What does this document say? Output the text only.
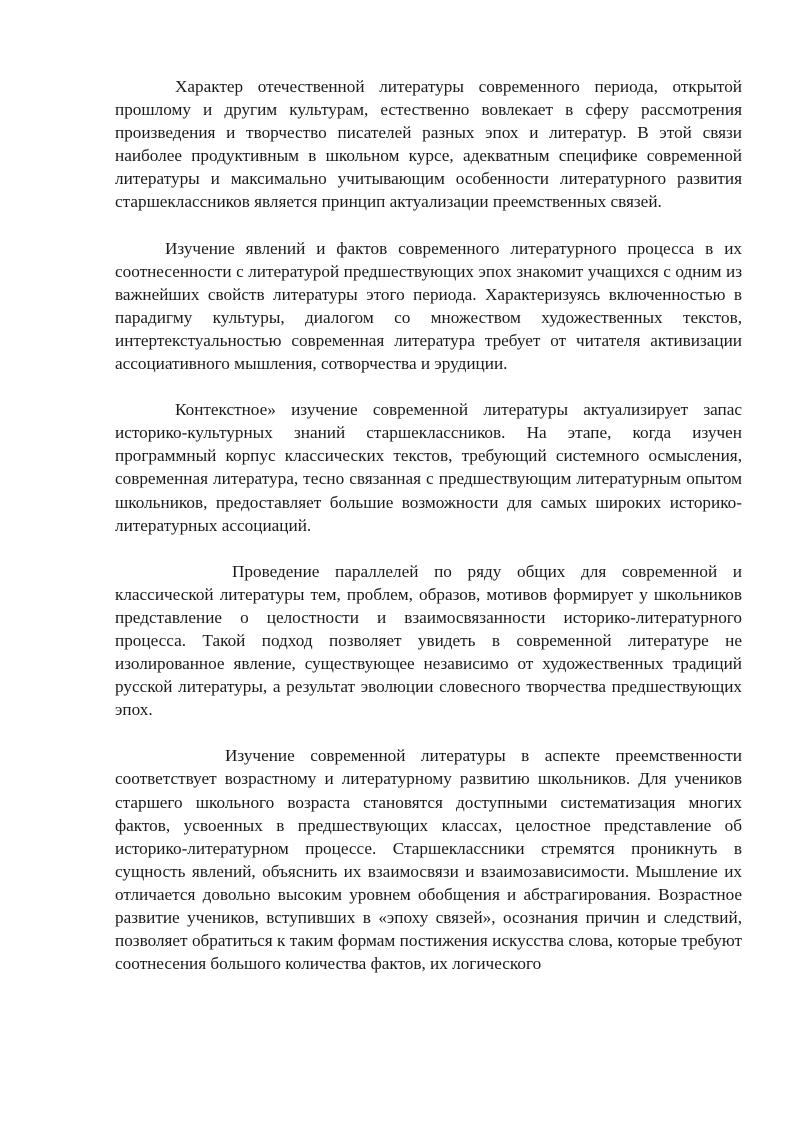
Характер отечественной литературы современного периода, открытой прошлому и другим культурам, естественно вовлекает в сферу рассмотрения произведения и творчество писателей разных эпох и литератур. В этой связи наиболее продуктивным в школьном курсе, адекватным специфике современной литературы и максимально учитывающим особенности литературного развития старшеклассников является принцип актуализации преемственных связей.

Изучение явлений и фактов современного литературного процесса в их соотнесенности с литературой предшествующих эпох знакомит учащихся с одним из важнейших свойств литературы этого периода. Характеризуясь включенностью в парадигму культуры, диалогом со множеством художественных текстов, интертекстуальностью современная литература требует от читателя активизации ассоциативного мышления, сотворчества и эрудиции.

Контекстное» изучение современной литературы актуализирует запас историко-культурных знаний старшеклассников. На этапе, когда изучен программный корпус классических текстов, требующий системного осмысления, современная литература, тесно связанная с предшествующим литературным опытом школьников, предоставляет большие возможности для самых широких историко-литературных ассоциаций.

Проведение параллелей по ряду общих для современной и классической литературы тем, проблем, образов, мотивов формирует у школьников представление о целостности и взаимосвязанности историко-литературного процесса. Такой подход позволяет увидеть в современной литературе не изолированное явление, существующее независимо от художественных традиций русской литературы, а результат эволюции словесного творчества предшествующих эпох.

Изучение современной литературы в аспекте преемственности соответствует возрастному и литературному развитию школьников. Для учеников старшего школьного возраста становятся доступными систематизация многих фактов, усвоенных в предшествующих классах, целостное представление об историко-литературном процессе. Старшеклассники стремятся проникнуть в сущность явлений, объяснить их взаимосвязи и взаимозависимости. Мышление их отличается довольно высоким уровнем обобщения и абстрагирования. Возрастное развитие учеников, вступивших в «эпоху связей», осознания причин и следствий, позволяет обратиться к таким формам постижения искусства слова, которые требуют соотнесения большого количества фактов, их логического
